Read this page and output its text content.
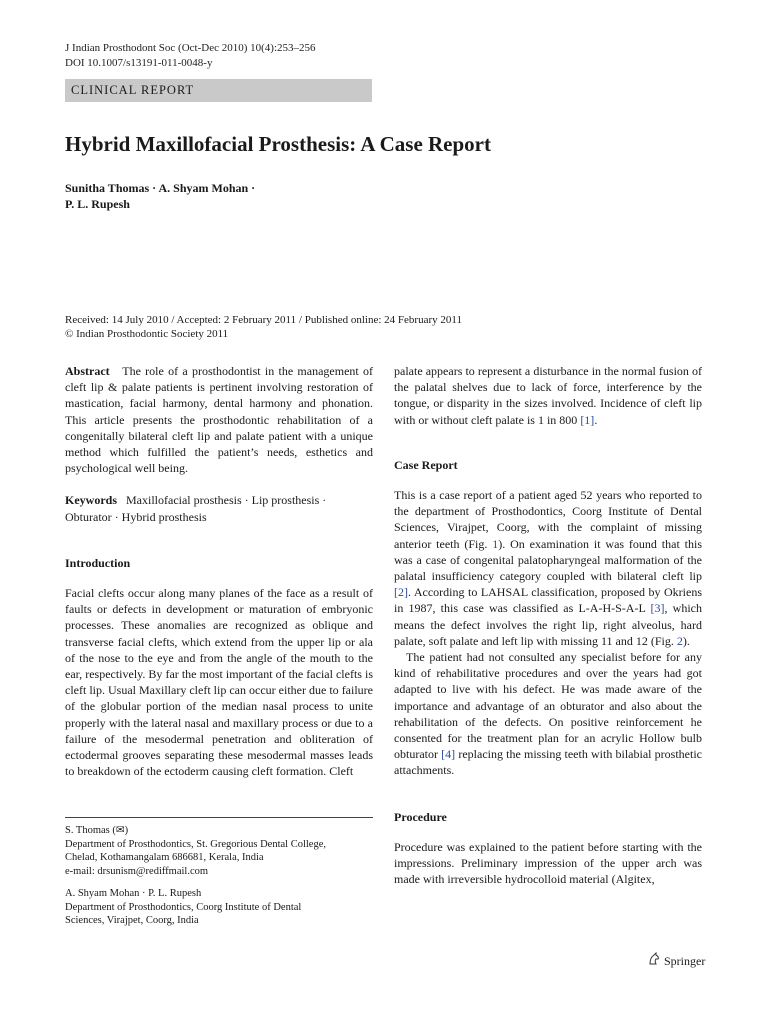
J Indian Prosthodont Soc (Oct-Dec 2010) 10(4):253–256
DOI 10.1007/s13191-011-0048-y
CLINICAL REPORT
Hybrid Maxillofacial Prosthesis: A Case Report
Sunitha Thomas · A. Shyam Mohan ·
P. L. Rupesh
Received: 14 July 2010 / Accepted: 2 February 2011 / Published online: 24 February 2011
© Indian Prosthodontic Society 2011

Abstract The role of a prosthodontist in the management of cleft lip & palate patients is pertinent involving restoration of mastication, facial harmony, dental harmony and phonation. This article presents the prosthodontic rehabilitation of a congenitally bilateral cleft lip and palate patient with a unique method which fulfilled the patient’s needs, esthetics and psychological well being.

Keywords Maxillofacial prosthesis · Lip prosthesis · Obturator · Hybrid prosthesis

Introduction

Facial clefts occur along many planes of the face as a result of faults or defects in development or maturation of embryonic processes. These anomalies are recognized as oblique and transverse facial clefts, which extend from the upper lip or ala of the nose to the eye and from the angle of the mouth to the ear, respectively. By far the most important of the facial clefts is cleft lip. Usual Maxillary cleft lip can occur either due to failure of the globular portion of the median nasal process to unite properly with the lateral nasal and maxillary process or due to a failure of the mesodermal penetration and obliteration of ectodermal grooves separating these mesodermal masses leads to breakdown of the ectoderm causing cleft formation. Cleft

S. Thomas (✉)
Department of Prosthodontics, St. Gregorious Dental College,
Chelad, Kothamangalam 686681, Kerala, India
e-mail: drsunism@rediffmail.com
A. Shyam Mohan · P. L. Rupesh
Department of Prosthodontics, Coorg Institute of Dental
Sciences, Virajpet, Coorg, India

palate appears to represent a disturbance in the normal fusion of the palatal shelves due to lack of force, interference by the tongue, or disparity in the sizes involved. Incidence of cleft lip with or without cleft palate is 1 in 800 [1].

Case Report

This is a case report of a patient aged 52 years who reported to the department of Prosthodontics, Coorg Institute of Dental Sciences, Virajpet, Coorg, with the complaint of missing anterior teeth (Fig. 1). On examination it was found that this was a case of congenital palatopharyngeal malformation of the palatal insufficiency category coupled with bilateral cleft lip [2]. According to LAHSAL classification, proposed by Okriens in 1987, this case was classified as L-A-H-S-A-L [3], which means the defect involves the right lip, right alveolus, hard palate, soft palate and left lip with missing 11 and 12 (Fig. 2).

The patient had not consulted any specialist before for any kind of rehabilitative procedures and over the years had got adapted to live with his defect. He was made aware of the importance and advantage of an obturator and also about the rehabilitation of the defects. On positive reinforcement he consented for the treatment plan for an acrylic Hollow bulb obturator [4] replacing the missing teeth with bilabial prosthetic attachments.

Procedure

Procedure was explained to the patient before starting with the impressions. Preliminary impression of the upper arch was made with irreversible hydrocolloid material (Algitex,

Springer
